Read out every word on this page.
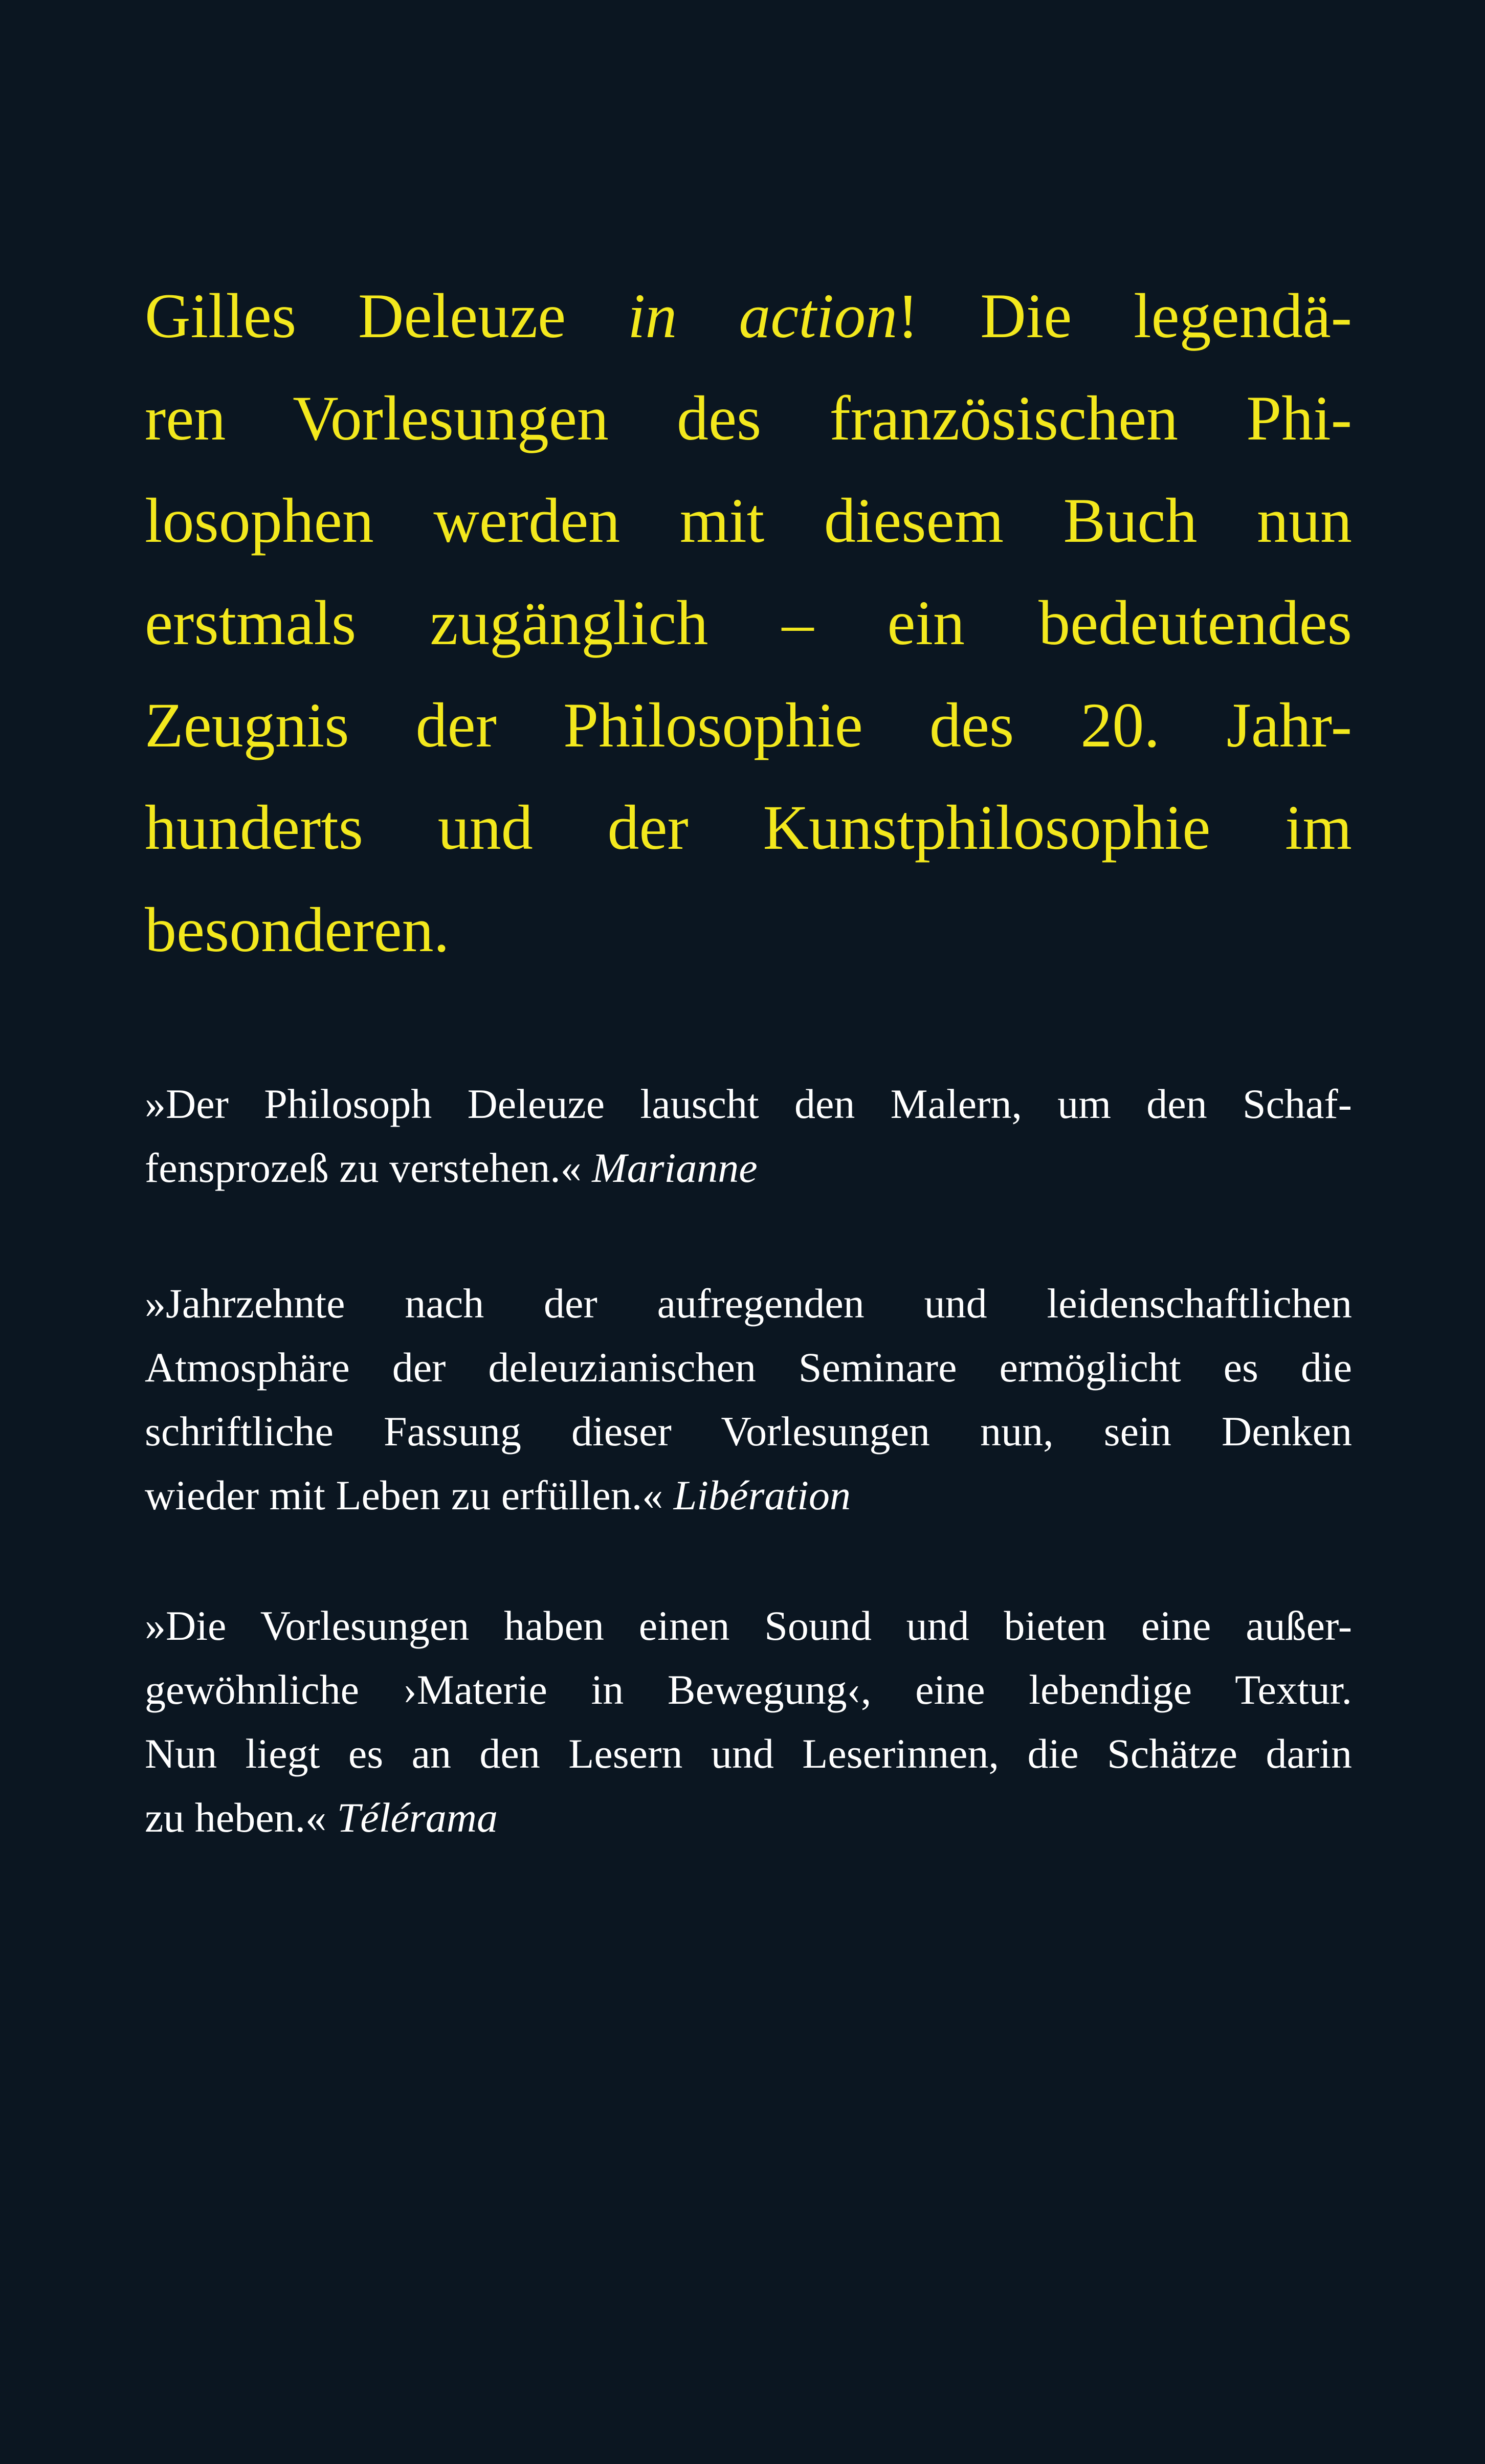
Gilles Deleuze in action! Die legendä-
ren Vorlesungen des französischen Phi-
losophen werden mit diesem Buch nun
erstmals zugänglich – ein bedeutendes
Zeugnis der Philosophie des 20. Jahr-
hunderts und der Kunstphilosophie im
besonderen.

»Der Philosoph Deleuze lauscht den Malern, um den Schaf-
fensprozeß zu verstehen.« Marianne

»Jahrzehnte nach der aufregenden und leidenschaftlichen
Atmosphäre der deleuzianischen Seminare ermöglicht es die
schriftliche Fassung dieser Vorlesungen nun, sein Denken
wieder mit Leben zu erfüllen.« Libération

»Die Vorlesungen haben einen Sound und bieten eine außer-
gewöhnliche ›Materie in Bewegung‹, eine lebendige Textur.
Nun liegt es an den Lesern und Leserinnen, die Schätze darin
zu heben.« Télérama
